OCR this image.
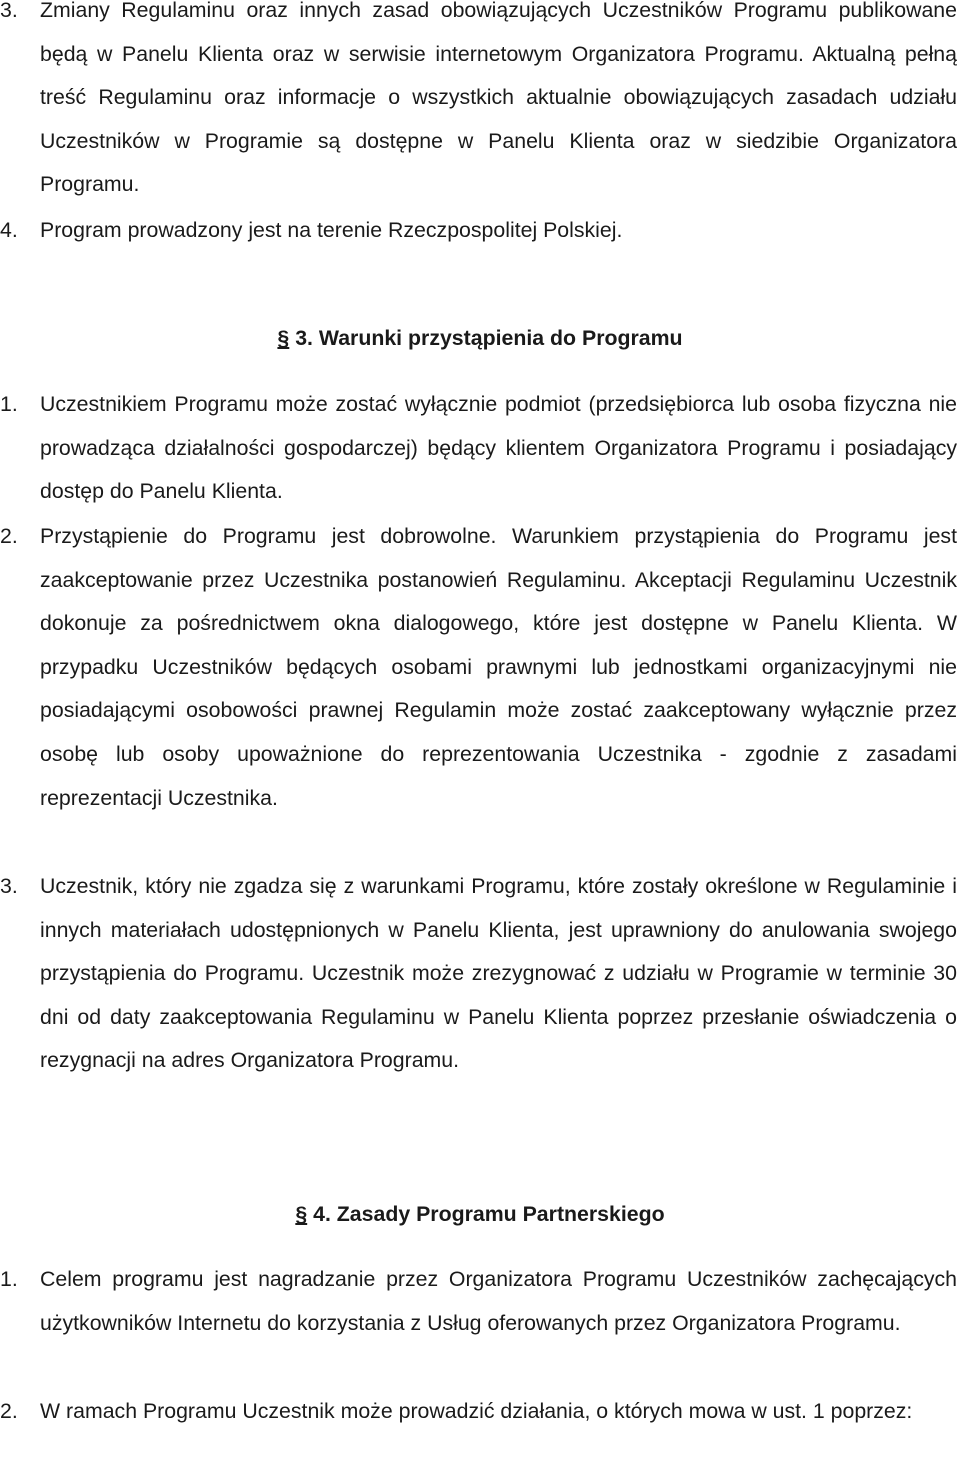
3.	Zmiany Regulaminu oraz innych zasad obowiązujących Uczestników Programu publikowane będą w Panelu Klienta oraz w serwisie internetowym Organizatora Programu. Aktualną pełną treść Regulaminu oraz informacje o wszystkich aktualnie obowiązujących zasadach udziału Uczestników w Programie są dostępne w Panelu Klienta oraz w siedzibie Organizatora Programu.

4.	Program prowadzony jest na terenie Rzeczpospolitej Polskiej.

§ 3. Warunki przystąpienia do Programu

1.	Uczestnikiem Programu może zostać wyłącznie podmiot (przedsiębiorca lub osoba fizyczna nie prowadząca działalności gospodarczej) będący klientem Organizatora Programu i posiadający dostęp do Panelu Klienta.

2.	Przystąpienie do Programu jest dobrowolne. Warunkiem przystąpienia do Programu jest zaakceptowanie przez Uczestnika postanowień Regulaminu. Akceptacji Regulaminu Uczestnik dokonuje za pośrednictwem okna dialogowego, które jest dostępne w Panelu Klienta. W przypadku Uczestników będących osobami prawnymi lub jednostkami organizacyjnymi nie posiadającymi osobowości prawnej Regulamin może zostać zaakceptowany wyłącznie przez osobę lub osoby upoważnione do reprezentowania Uczestnika - zgodnie z zasadami reprezentacji Uczestnika.

3.	Uczestnik, który nie zgadza się z warunkami Programu, które zostały określone w Regulaminie i innych materiałach udostępnionych w Panelu Klienta, jest uprawniony do anulowania swojego przystąpienia do Programu. Uczestnik może zrezygnować z udziału w Programie w terminie 30 dni od daty zaakceptowania Regulaminu w Panelu Klienta poprzez przesłanie oświadczenia o rezygnacji na adres Organizatora Programu.

§ 4. Zasady Programu Partnerskiego

1.	Celem programu jest nagradzanie przez Organizatora Programu Uczestników zachęcających użytkowników Internetu do korzystania z Usług oferowanych przez Organizatora Programu.

2.	W ramach Programu Uczestnik może prowadzić działania, o których mowa w ust. 1 poprzez:
